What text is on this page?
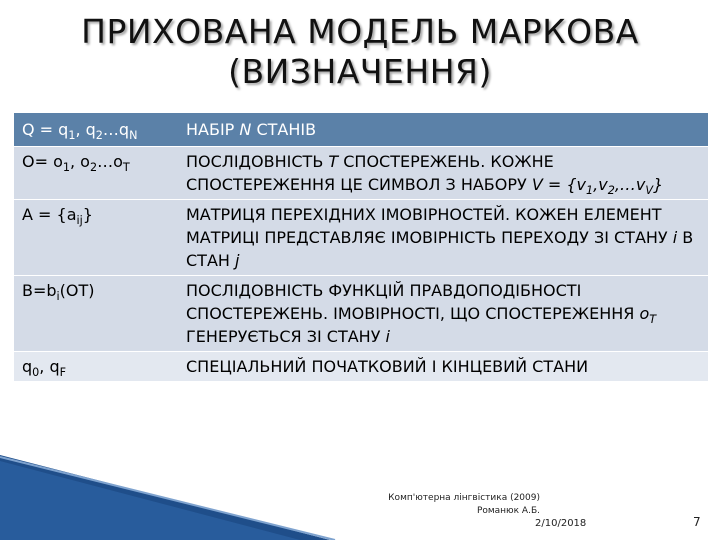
ПРИХОВАНА МОДЕЛЬ МАРКОВА
(ВИЗНАЧЕННЯ)
$Q = q_1$, $q_2\dots q_N$	НАБІР N СТАНІВ
$O= o_1$, $o_2\dots o_T$	ПОСЛІДОВНІСТЬ T СПОСТЕРЕЖЕНЬ. КОЖНЕ СПОСТЕРЕЖЕННЯ ЦЕ СИМВОЛ З НАБОРУ $V = \{v_1,v_2,\dots v_V\}$
$A = \{a_{ij}\}$	МАТРИЦЯ ПЕРЕХІДНИХ ІМОВІРНОСТЕЙ. КОЖЕН ЕЛЕМЕНТ МАТРИЦІ ПРЕДСТАВЛЯЄ ІМОВІРНІСТЬ ПЕРЕХОДУ ЗІ СТАНУ i В СТАН j
$B=b_i(OT)$	ПОСЛІДОВНІСТЬ ФУНКЦІЙ ПРАВДОПОДІБНОСТІ СПОСТЕРЕЖЕНЬ. ІМОВІРНОСТІ, ЩО СПОСТЕРЕЖЕННЯ $o_T$ ГЕНЕРУЄТЬСЯ ЗІ СТАНУ i
$q_0$, $q_F$	СПЕЦІАЛЬНИЙ ПОЧАТКОВИЙ І КІНЦЕВИЙ СТАНИ
Комп'ютерна лінгвістика (2009)
Романюк А.Б.
2/10/2018	7
